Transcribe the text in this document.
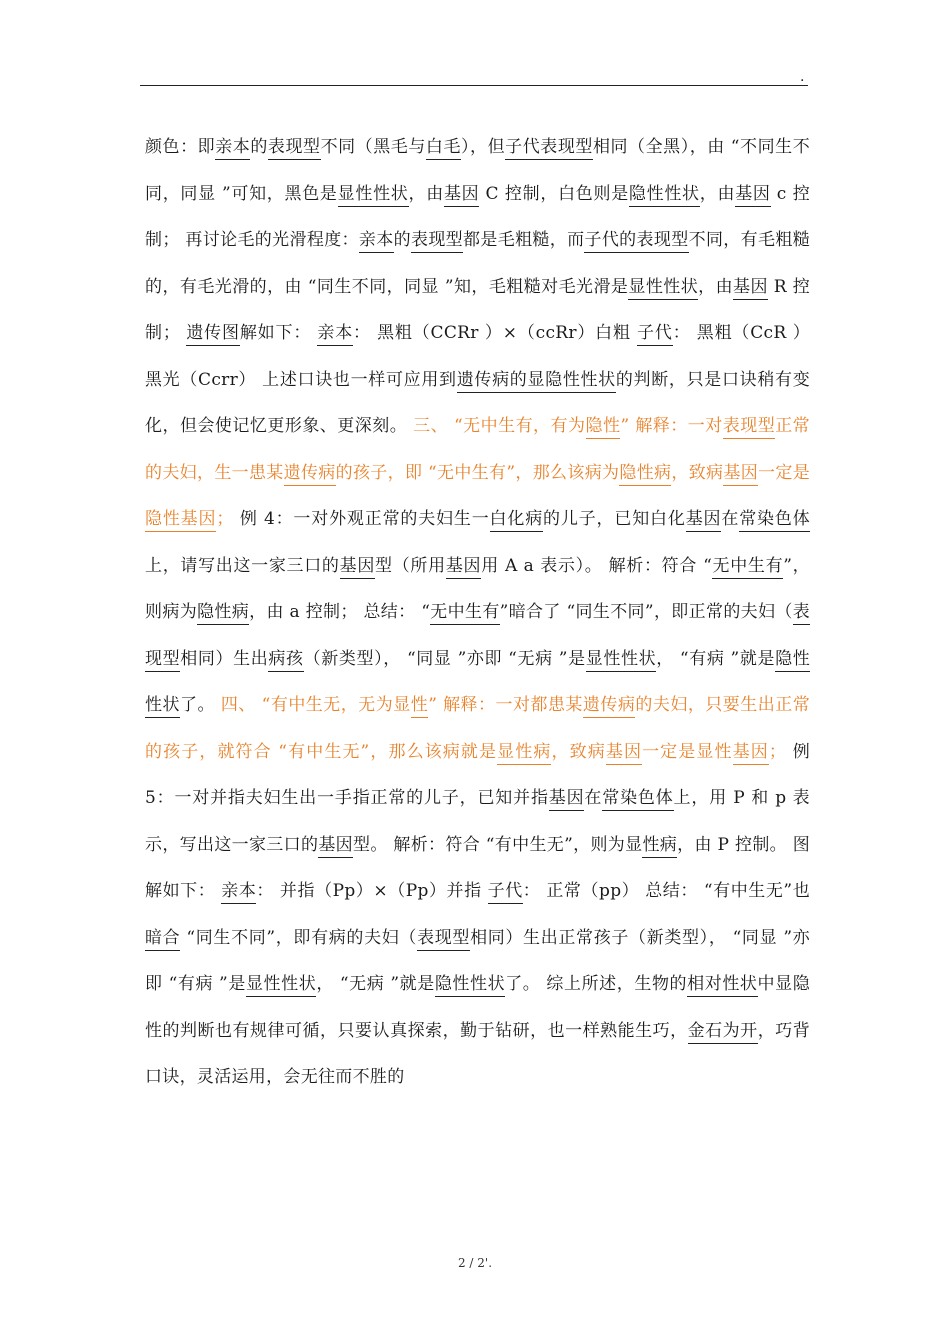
.

颜色：即亲本的表现型不同（黑毛与白毛），但子代表现型相同（全黑），由 “不同生不同，同显 ”可知，黑色是显性性状，由基因 C 控制，白色则是隐性性状，由基因 c 控制； 再讨论毛的光滑程度：亲本的表现型都是毛粗糙，而子代的表现型不同，有毛粗糙的，有毛光滑的，由 “同生不同，同显 ”知，毛粗糙对毛光滑是显性性状，由基因 R 控制； 遗传图解如下： 亲本： 黑粗（CCRr ）×（ccRr）白粗 子代： 黑粗（CcR ） 黑光（Ccrr） 上述口诀也一样可应用到遗传病的显隐性性状的判断，只是口诀稍有变化，但会使记忆更形象、更深刻。 三、 “无中生有，有为隐性” 解释：一对表现型正常的夫妇，生一患某遗传病的孩子，即 “无中生有”，那么该病为隐性病，致病基因一定是隐性基因； 例 4：一对外观正常的夫妇生一白化病的儿子，已知白化基因在常染色体上，请写出这一家三口的基因型（所用基因用 A a 表示）。 解析：符合 “无中生有”，则病为隐性病，由 a 控制； 总结： “无中生有”暗合了 “同生不同”，即正常的夫妇（表现型相同）生出病孩（新类型）， “同显 ”亦即 “无病 ”是显性性状， “有病 ”就是隐性性状了。 四、 “有中生无，无为显性” 解释：一对都患某遗传病的夫妇，只要生出正常的孩子，就符合 “有中生无”，那么该病就是显性病，致病基因一定是显性基因； 例 5：一对并指夫妇生出一手指正常的儿子，已知并指基因在常染色体上，用 P 和 p 表示，写出这一家三口的基因型。 解析：符合 “有中生无”，则为显性病，由 P 控制。 图解如下： 亲本： 并指（Pp）×（Pp）并指 子代： 正常（pp） 总结： “有中生无”也暗合 “同生不同”，即有病的夫妇（表现型相同）生出正常孩子（新类型）， “同显 ”亦即 “有病 ”是显性性状， “无病 ”就是隐性性状了。 综上所述，生物的相对性状中显隐性的判断也有规律可循，只要认真探索，勤于钻研，也一样熟能生巧，金石为开，巧背口诀，灵活运用，会无往而不胜的

2 / 2'.
